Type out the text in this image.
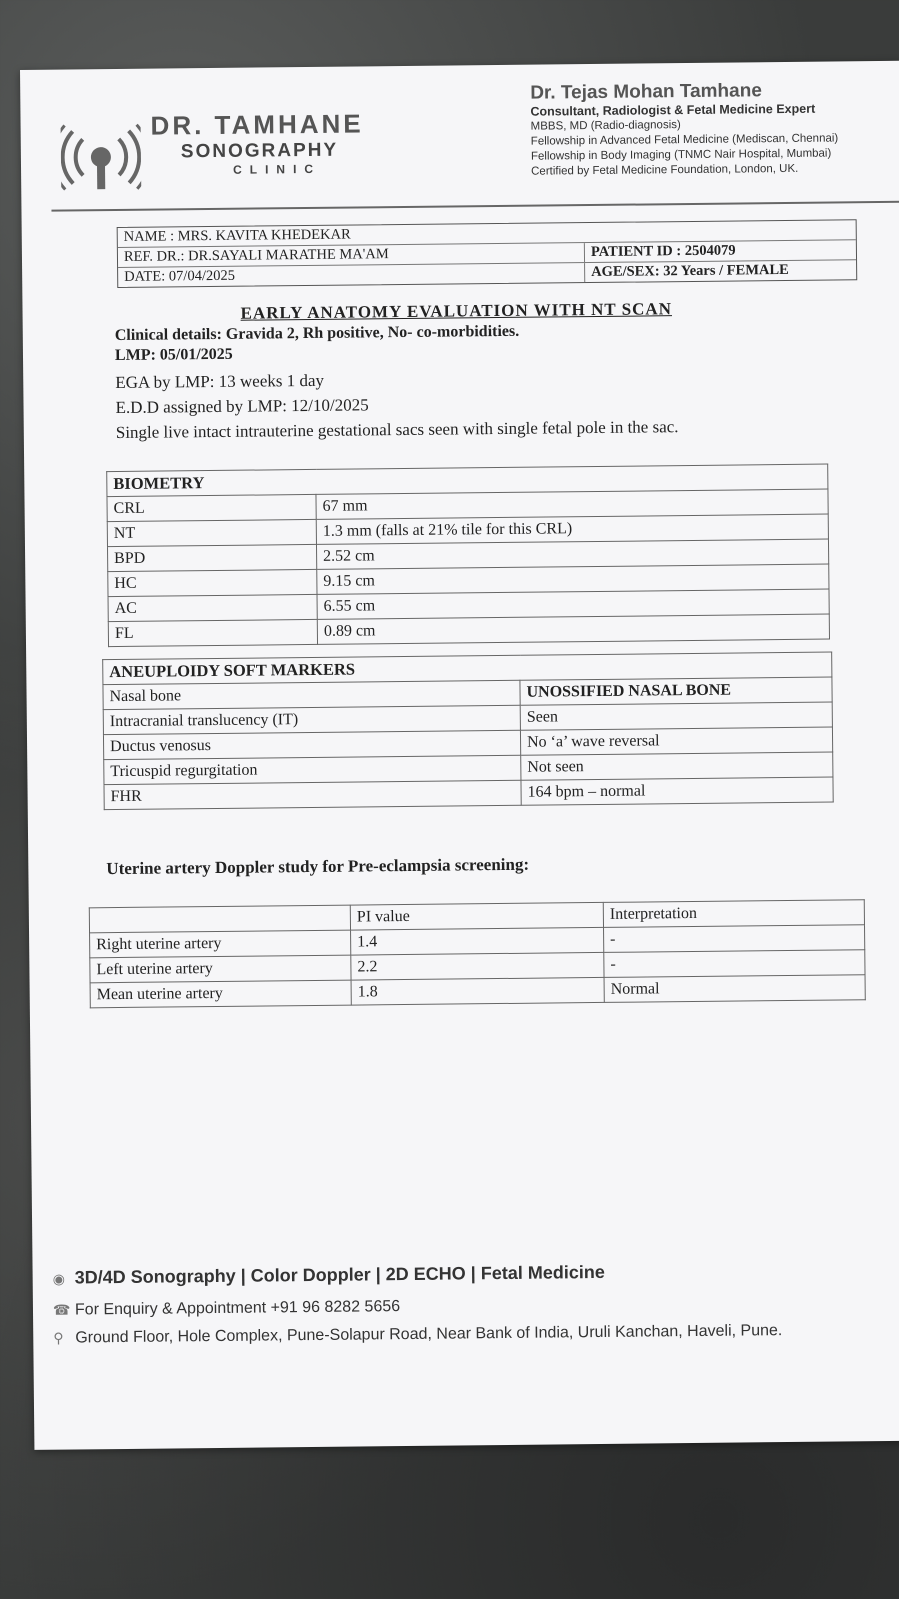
DR. TAMHANE
SONOGRAPHY
CLINIC
Dr. Tejas Mohan Tamhane
Consultant, Radiologist & Fetal Medicine Expert
MBBS, MD (Radio-diagnosis)
Fellowship in Advanced Fetal Medicine (Mediscan, Chennai)
Fellowship in Body Imaging (TNMC Nair Hospital, Mumbai)
Certified by Fetal Medicine Foundation, London, UK.
NAME : MRS. KAVITA KHEDEKAR
REF. DR.: DR.SAYALI MARATHE MA'AM	PATIENT ID : 2504079
DATE: 07/04/2025	AGE/SEX: 32 Years / FEMALE
EARLY ANATOMY EVALUATION WITH NT SCAN
Clinical details: Gravida 2, Rh positive, No- co-morbidities.
LMP: 05/01/2025
EGA by LMP: 13 weeks 1 day
E.D.D assigned by LMP: 12/10/2025
Single live intact intrauterine gestational sacs seen with single fetal pole in the sac.
BIOMETRY	
CRL	67 mm
NT	1.3 mm (falls at 21% tile for this CRL)
BPD	2.52 cm
HC	9.15 cm
AC	6.55 cm
FL	0.89 cm
ANEUPLOIDY SOFT MARKERS	
Nasal bone	UNOSSIFIED NASAL BONE
Intracranial translucency (IT)	Seen
Ductus venosus	No ‘a’ wave reversal
Tricuspid regurgitation	Not seen
FHR	164 bpm – normal
Uterine artery Doppler study for Pre-eclampsia screening:
	PI value	Interpretation
Right uterine artery	1.4	-
Left uterine artery	2.2	-
Mean uterine artery	1.8	Normal
◉ 3D/4D Sonography | Color Doppler | 2D ECHO | Fetal Medicine
☎ For Enquiry & Appointment +91 96 8282 5656
⚲ Ground Floor, Hole Complex, Pune-Solapur Road, Near Bank of India, Uruli Kanchan, Haveli, Pune.
